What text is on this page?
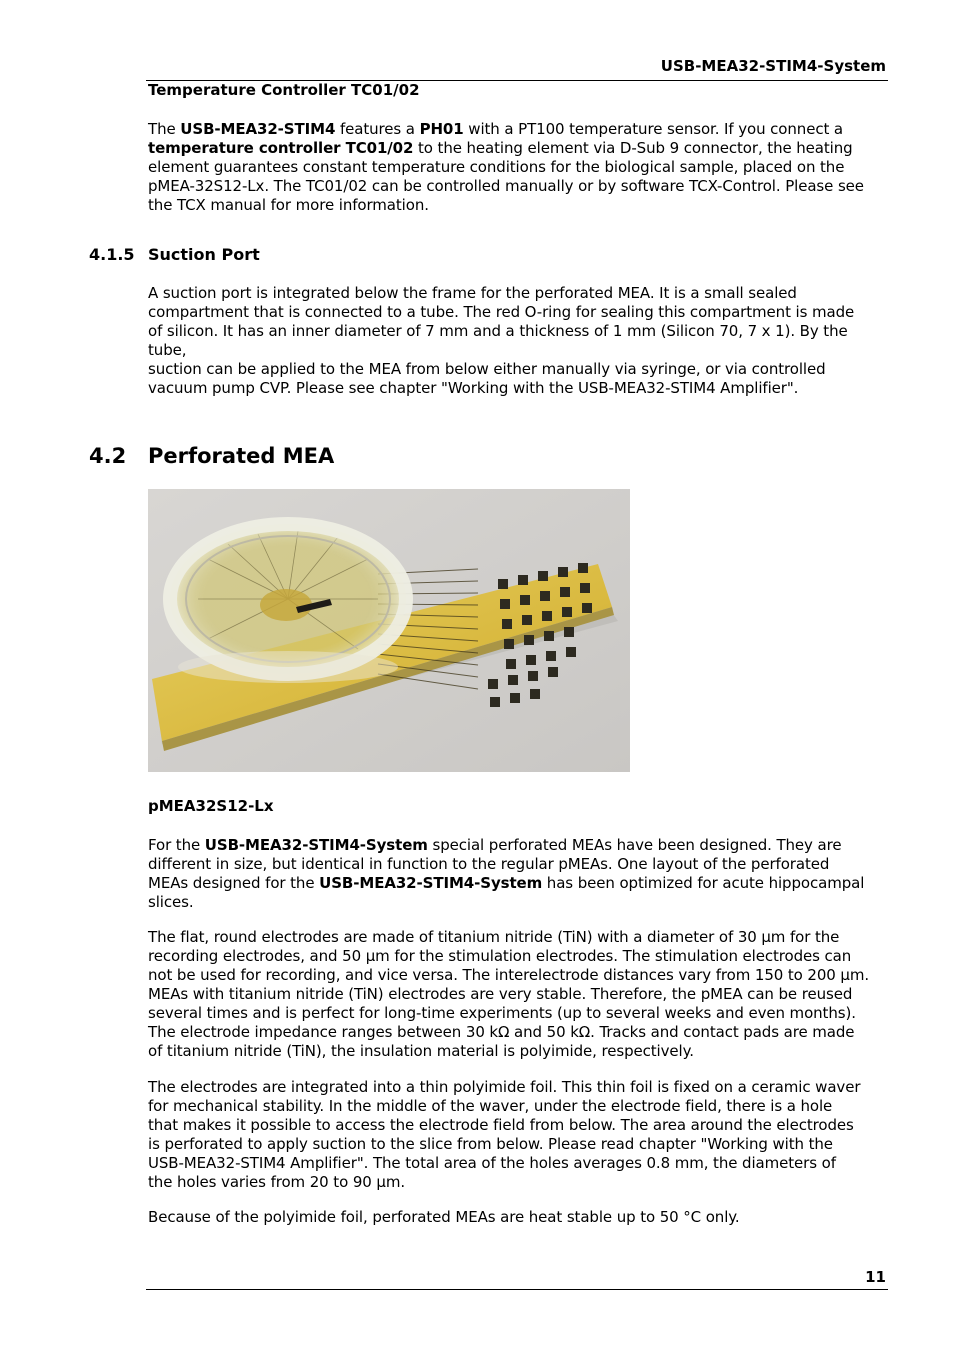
USB-MEA32-STIM4-System
Temperature Controller TC01/02

The USB-MEA32-STIM4 features a PH01 with a PT100 temperature sensor. If you connect a
temperature controller TC01/02 to the heating element via D-Sub 9 connector, the heating
element guarantees constant temperature conditions for the biological sample, placed on the
pMEA-32S12-Lx. The TC01/02 can be controlled manually or by software TCX-Control. Please see
the TCX manual for more information.

4.1.5 Suction Port

A suction port is integrated below the frame for the perforated MEA. It is a small sealed
compartment that is connected to a tube. The red O-ring for sealing this compartment is made
of silicon. It has an inner diameter of 7 mm and a thickness of 1 mm (Silicon 70, 7 x 1). By the tube,
suction can be applied to the MEA from below either manually via syringe, or via controlled
vacuum pump CVP. Please see chapter "Working with the USB-MEA32-STIM4 Amplifier".

4.2 Perforated MEA
pMEA32S12-Lx

For the USB-MEA32-STIM4-System special perforated MEAs have been designed. They are
different in size, but identical in function to the regular pMEAs. One layout of the perforated
MEAs designed for the USB-MEA32-STIM4-System has been optimized for acute hippocampal
slices.

The flat, round electrodes are made of titanium nitride (TiN) with a diameter of 30 µm for the
recording electrodes, and 50 µm for the stimulation electrodes. The stimulation electrodes can
not be used for recording, and vice versa. The interelectrode distances vary from 150 to 200 µm.
MEAs with titanium nitride (TiN) electrodes are very stable. Therefore, the pMEA can be reused
several times and is perfect for long-time experiments (up to several weeks and even months).
The electrode impedance ranges between 30 kΩ and 50 kΩ. Tracks and contact pads are made
of titanium nitride (TiN), the insulation material is polyimide, respectively.

The electrodes are integrated into a thin polyimide foil. This thin foil is fixed on a ceramic waver
for mechanical stability. In the middle of the waver, under the electrode field, there is a hole
that makes it possible to access the electrode field from below. The area around the electrodes
is perforated to apply suction to the slice from below. Please read chapter "Working with the
USB-MEA32-STIM4 Amplifier". The total area of the holes averages 0.8 mm, the diameters of
the holes varies from 20 to 90 µm.

Because of the polyimide foil, perforated MEAs are heat stable up to 50 °C only.

11
